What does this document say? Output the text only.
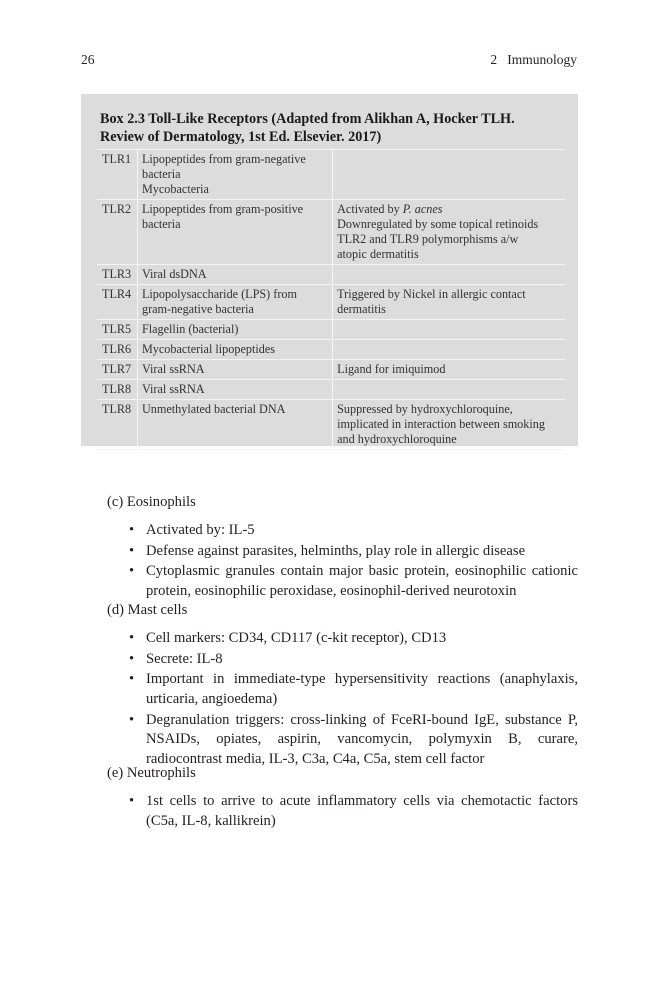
26	2   Immunology
Box 2.3 Toll-Like Receptors (Adapted from Alikhan A, Hocker TLH.
Review of Dermatology, 1st Ed. Elsevier. 2017)
TLR1	Lipopeptides from gram-negative
bacteria
Mycobacteria	

TLR2	Lipopeptides from gram-positive
bacteria	Activated by P. acnes
Downregulated by some topical retinoids
TLR2 and TLR9 polymorphisms a/w
atopic dermatitis

TLR3	Viral dsDNA	

TLR4	Lipopolysaccharide (LPS) from
gram-negative bacteria	Triggered by Nickel in allergic contact
dermatitis

TLR5	Flagellin (bacterial)	

TLR6	Mycobacterial lipopeptides	

TLR7	Viral ssRNA	Ligand for imiquimod

TLR8	Viral ssRNA	

TLR8	Unmethylated bacterial DNA	Suppressed by hydroxychloroquine,
implicated in interaction between smoking
and hydroxychloroquine
(c) Eosinophils
• Activated by: IL-5
• Defense against parasites, helminths, play role in allergic disease
• Cytoplasmic granules contain major basic protein, eosinophilic cationic protein, eosinophilic peroxidase, eosinophil-derived neurotoxin
(d) Mast cells
• Cell markers: CD34, CD117 (c-kit receptor), CD13
• Secrete: IL-8
• Important in immediate-type hypersensitivity reactions (anaphylaxis, urticaria, angioedema)
• Degranulation triggers: cross-linking of FceRI-bound IgE, substance P, NSAIDs, opiates, aspirin, vancomycin, polymyxin B, curare, radiocontrast media, IL-3, C3a, C4a, C5a, stem cell factor
(e) Neutrophils
• 1st cells to arrive to acute inflammatory cells via chemotactic factors (C5a, IL-8, kallikrein)
